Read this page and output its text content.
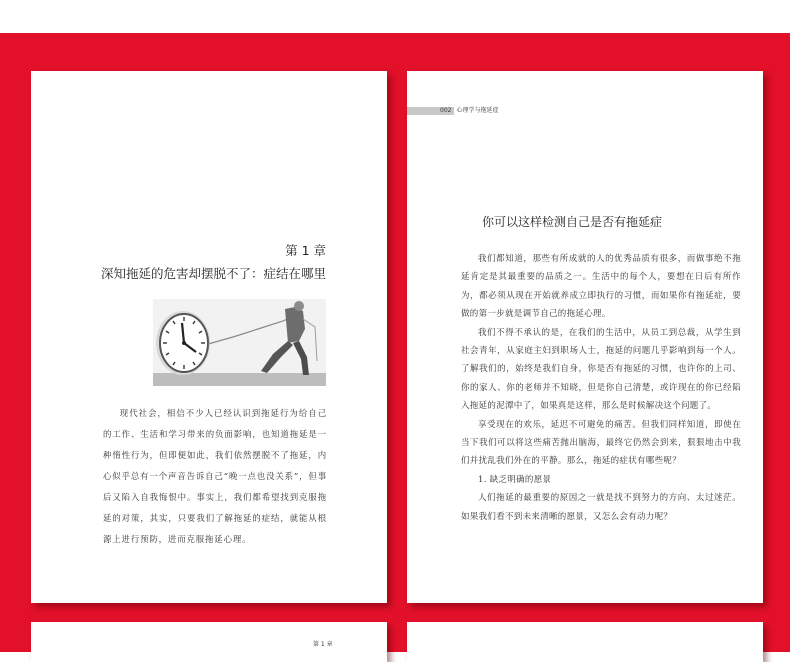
第 1 章
深知拖延的危害却摆脱不了：症结在哪里

现代社会，相信不少人已经认识到拖延行为给自己的工作、生活和学习带来的负面影响，也知道拖延是一种惰性行为，但即便如此，我们依然摆脱不了拖延，内心似乎总有一个声音告诉自己“晚一点也没关系”，但事后又陷入自我悔恨中。事实上，我们都希望找到克服拖延的对策，其实，只要我们了解拖延的症结，就能从根源上进行预防，进而克服拖延心理。

002 心理学与拖延症
你可以这样检测自己是否有拖延症

我们都知道，那些有所成就的人的优秀品质有很多，而做事绝不拖延肯定是其最重要的品质之一。生活中的每个人，要想在日后有所作为，都必须从现在开始就养成立即执行的习惯，而如果你有拖延症，要做的第一步就是调节自己的拖延心理。

我们不得不承认的是，在我们的生活中，从员工到总裁，从学生到社会青年，从家庭主妇到职场人士，拖延的问题几乎影响到每一个人。了解我们的，始终是我们自身，你是否有拖延的习惯，也许你的上司、你的家人、你的老师并不知晓，但是你自己清楚，或许现在的你已经陷入拖延的泥潭中了，如果真是这样，那么是时候解决这个问题了。

享受现在的欢乐，延迟不可避免的痛苦。但我们同样知道，即使在当下我们可以将这些痛苦抛出脑海，最终它仍然会到来，狠狠地击中我们并扰乱我们外在的平静。那么，拖延的症状有哪些呢？

1. 缺乏明确的愿景

人们拖延的最重要的原因之一就是找不到努力的方向、太过迷茫。如果我们看不到未来清晰的愿景，又怎么会有动力呢？

第 1 章
